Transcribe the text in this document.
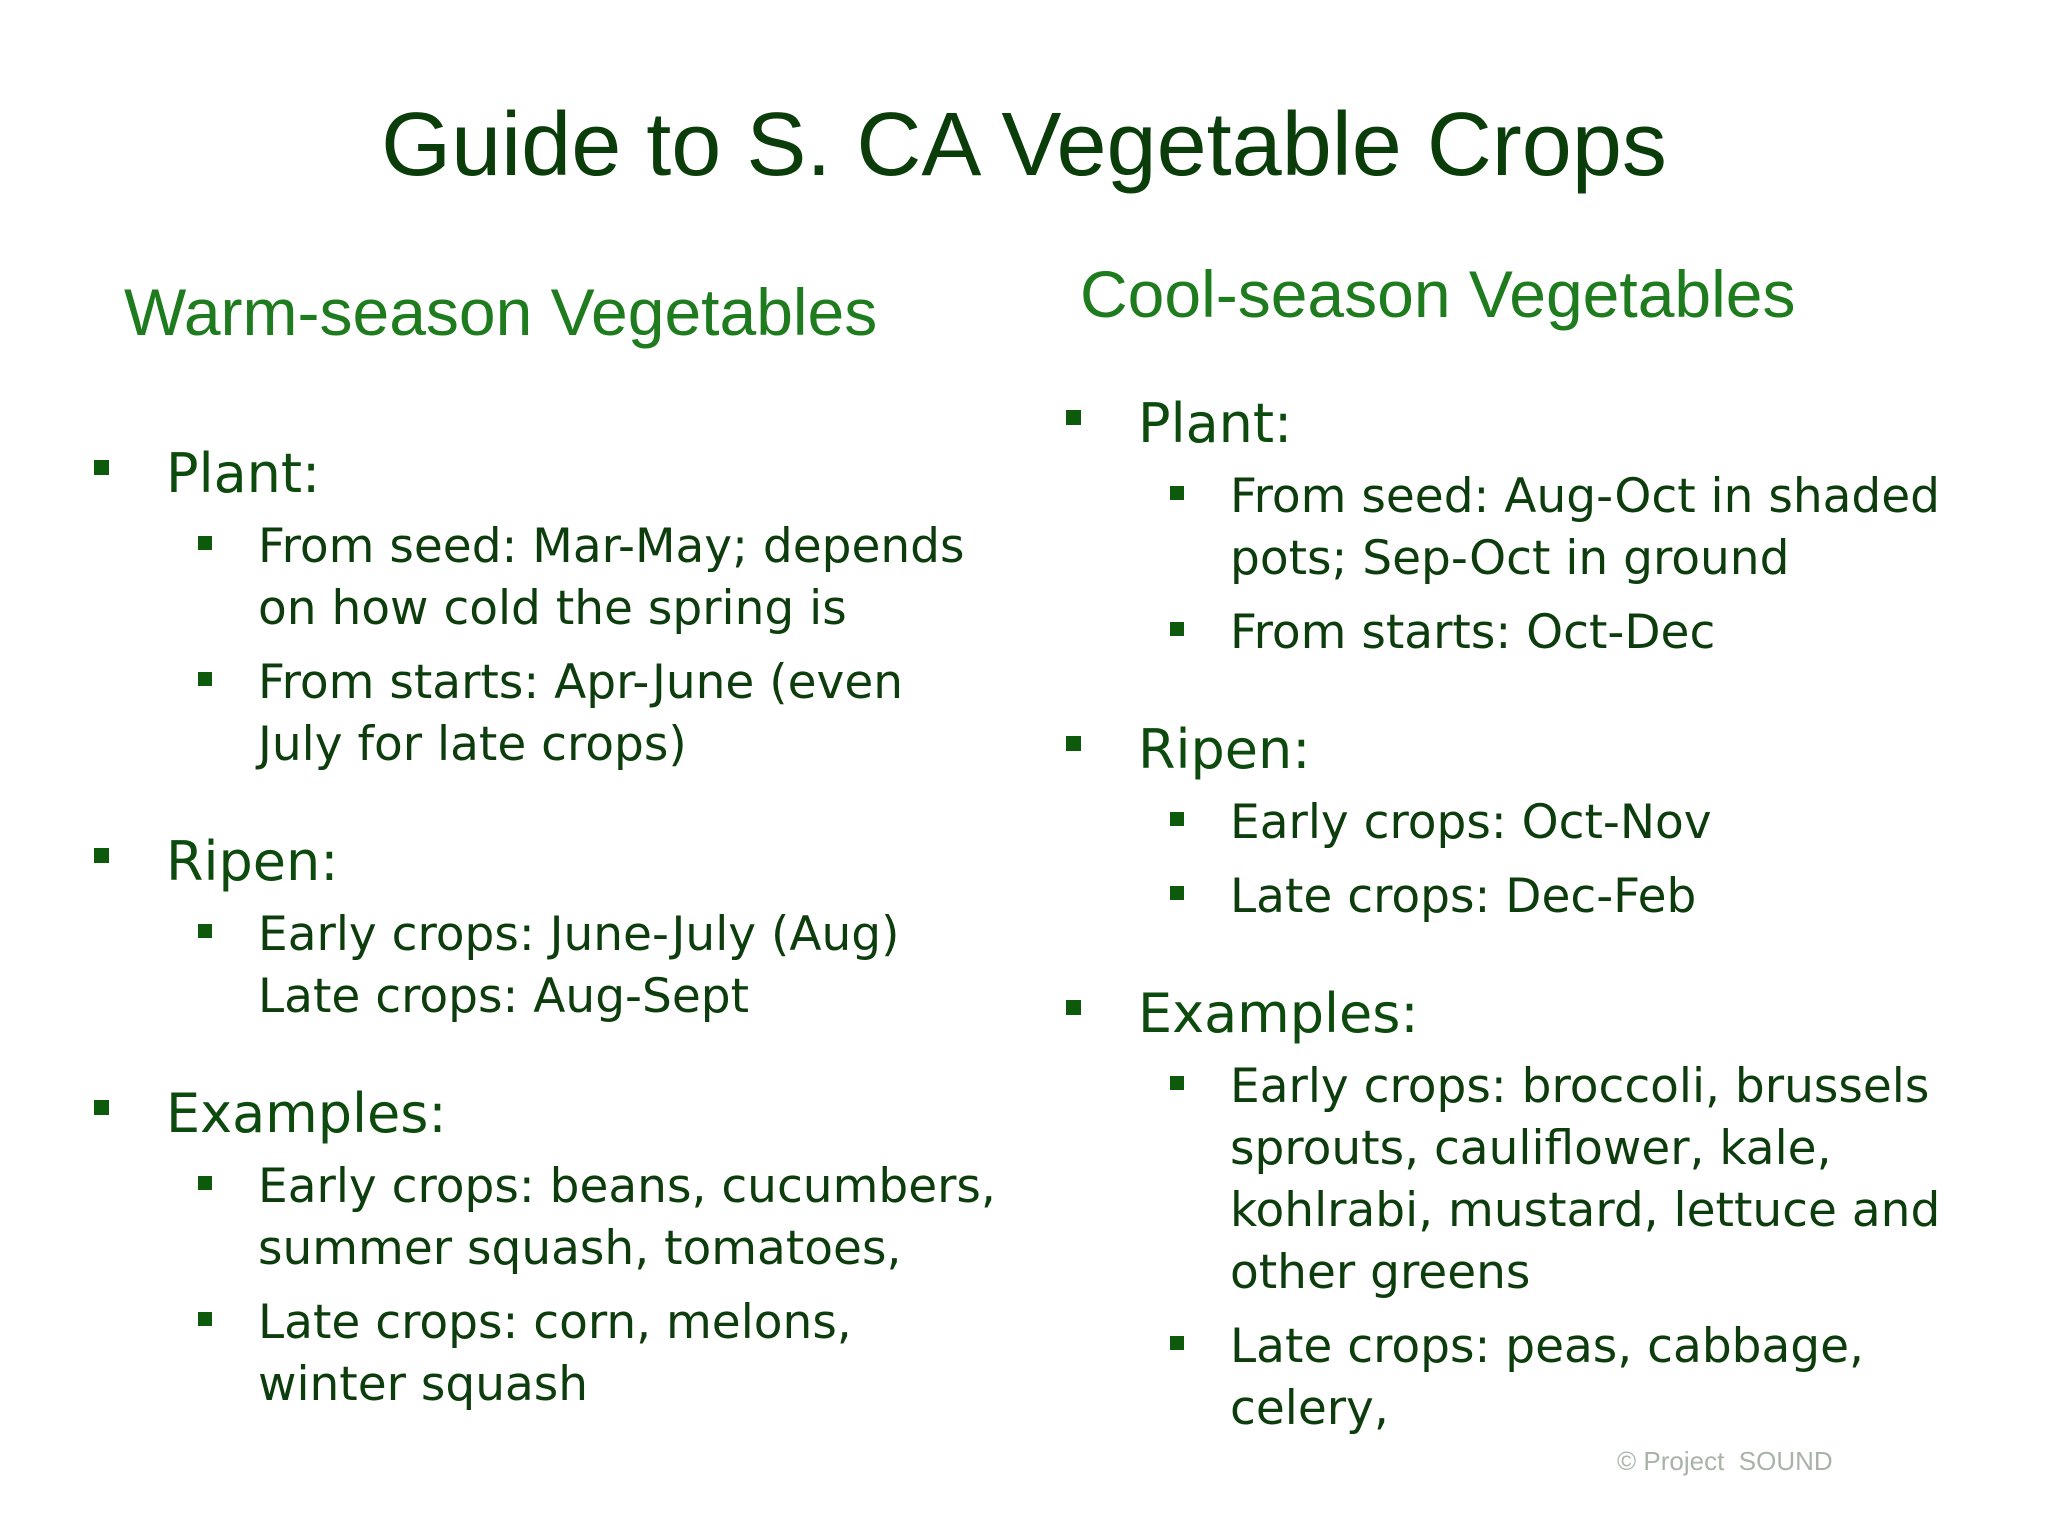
Guide to S. CA Vegetable Crops
Warm-season Vegetables	Cool-season Vegetables
Plant:
From seed: Mar-May; depends
on how cold the spring is
From starts: Apr-June (even
July for late crops)
Ripen:
Early crops: June-July (Aug)
Late crops: Aug-Sept
Examples:
Early crops: beans, cucumbers,
summer squash, tomatoes,
Late crops: corn, melons,
winter squash
Plant:
From seed: Aug-Oct in shaded
pots; Sep-Oct in ground
From starts: Oct-Dec
Ripen:
Early crops: Oct-Nov
Late crops: Dec-Feb
Examples:
Early crops: broccoli, brussels
sprouts, cauliflower, kale,
kohlrabi, mustard, lettuce and
other greens
Late crops: peas, cabbage,
celery,
© Project  SOUND
